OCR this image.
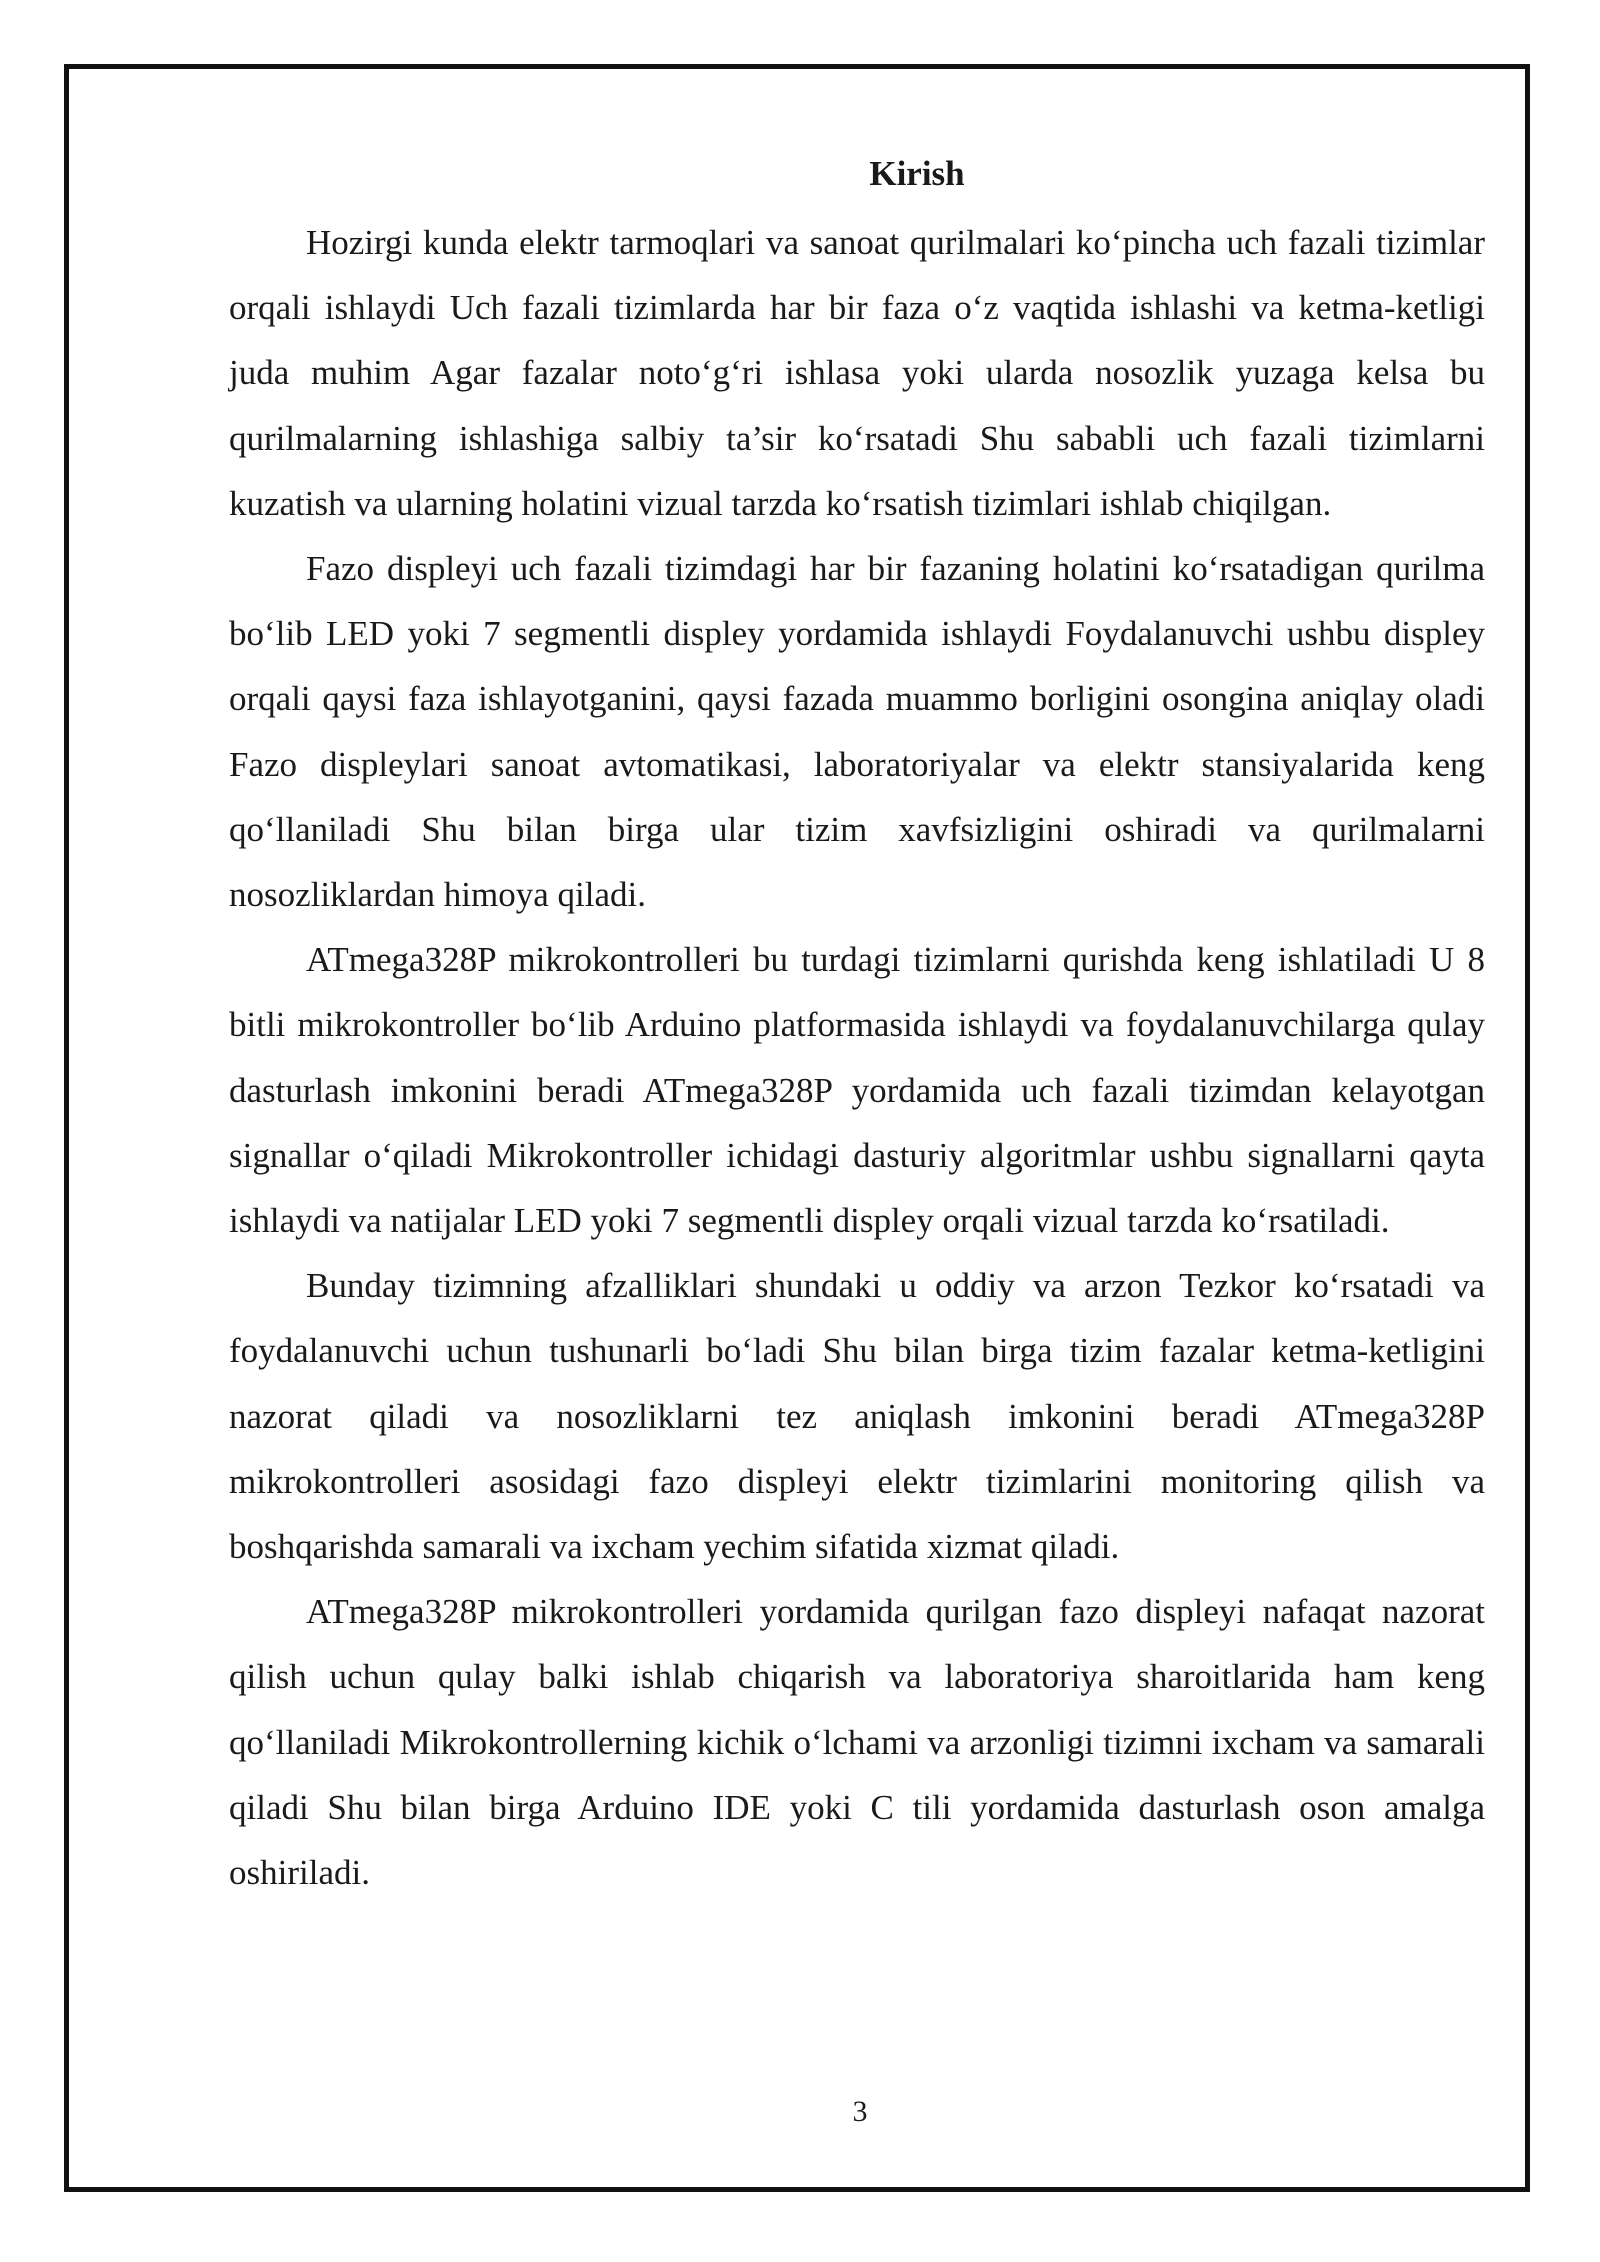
Kirish

Hozirgi kunda elektr tarmoqlari va sanoat qurilmalari ko‘pincha uch fazali tizimlar orqali ishlaydi Uch fazali tizimlarda har bir faza o‘z vaqtida ishlashi va ketma-ketligi juda muhim Agar fazalar noto‘g‘ri ishlasa yoki ularda nosozlik yuzaga kelsa bu qurilmalarning ishlashiga salbiy ta’sir ko‘rsatadi Shu sababli uch fazali tizimlarni kuzatish va ularning holatini vizual tarzda ko‘rsatish tizimlari ishlab chiqilgan.

Fazo displeyi uch fazali tizimdagi har bir fazaning holatini ko‘rsatadigan qurilma bo‘lib LED yoki 7 segmentli displey yordamida ishlaydi Foydalanuvchi ushbu displey orqali qaysi faza ishlayotganini, qaysi fazada muammo borligini osongina aniqlay oladi Fazo displeylari sanoat avtomatikasi, laboratoriyalar va elektr stansiyalarida keng qo‘llaniladi Shu bilan birga ular tizim xavfsizligini oshiradi va qurilmalarni nosozliklardan himoya qiladi.

ATmega328P mikrokontrolleri bu turdagi tizimlarni qurishda keng ishlatiladi U 8 bitli mikrokontroller bo‘lib Arduino platformasida ishlaydi va foydalanuvchilarga qulay dasturlash imkonini beradi ATmega328P yordamida uch fazali tizimdan kelayotgan signallar o‘qiladi Mikrokontroller ichidagi dasturiy algoritmlar ushbu signallarni qayta ishlaydi va natijalar LED yoki 7 segmentli displey orqali vizual tarzda ko‘rsatiladi.

Bunday tizimning afzalliklari shundaki u oddiy va arzon Tezkor ko‘rsatadi va foydalanuvchi uchun tushunarli bo‘ladi Shu bilan birga tizim fazalar ketma-ketligini nazorat qiladi va nosozliklarni tez aniqlash imkonini beradi ATmega328P mikrokontrolleri asosidagi fazo displeyi elektr tizimlarini monitoring qilish va boshqarishda samarali va ixcham yechim sifatida xizmat qiladi.

ATmega328P mikrokontrolleri yordamida qurilgan fazo displeyi nafaqat nazorat qilish uchun qulay balki ishlab chiqarish va laboratoriya sharoitlarida ham keng qo‘llaniladi Mikrokontrollerning kichik o‘lchami va arzonligi tizimni ixcham va samarali qiladi Shu bilan birga Arduino IDE yoki C tili yordamida dasturlash oson amalga oshiriladi.

3
